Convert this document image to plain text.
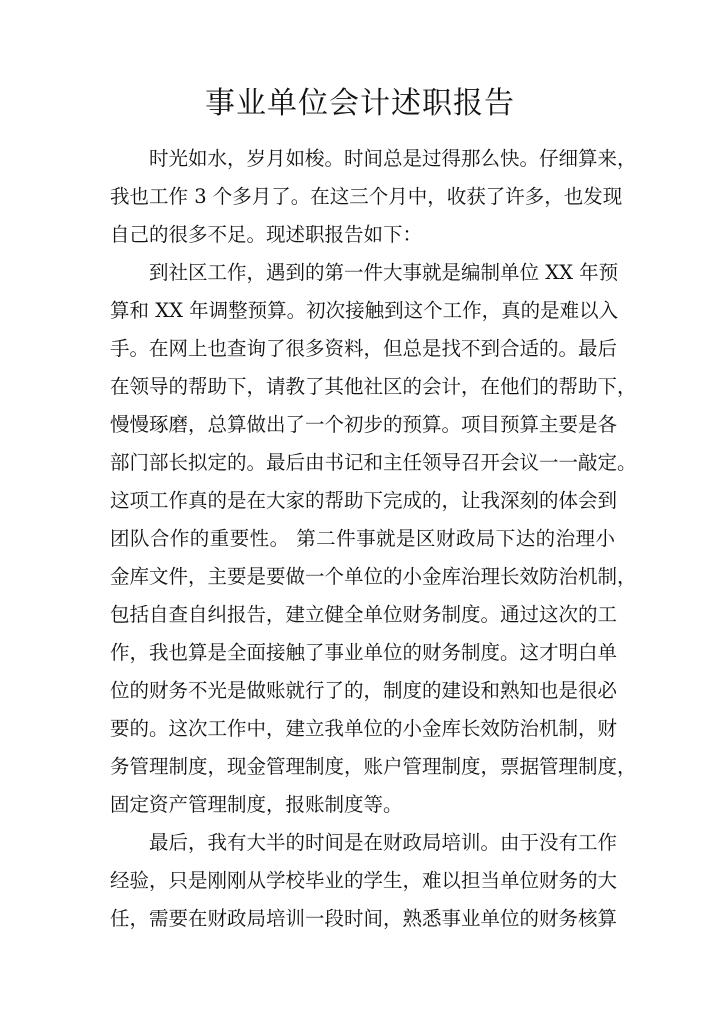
事业单位会计述职报告
时光如水，岁月如梭。时间总是过得那么快。仔细算来，
我也工作 3 个多月了。在这三个月中，收获了许多，也发现
自己的很多不足。现述职报告如下：
到社区工作，遇到的第一件大事就是编制单位 XX 年预
算和 XX 年调整预算。初次接触到这个工作，真的是难以入
手。在网上也查询了很多资料，但总是找不到合适的。最后
在领导的帮助下，请教了其他社区的会计，在他们的帮助下，
慢慢琢磨，总算做出了一个初步的预算。项目预算主要是各
部门部长拟定的。最后由书记和主任领导召开会议一一敲定。
这项工作真的是在大家的帮助下完成的，让我深刻的体会到
团队合作的重要性。 第二件事就是区财政局下达的治理小
金库文件，主要是要做一个单位的小金库治理长效防治机制，
包括自查自纠报告，建立健全单位财务制度。通过这次的工
作，我也算是全面接触了事业单位的财务制度。这才明白单
位的财务不光是做账就行了的，制度的建设和熟知也是很必
要的。这次工作中，建立我单位的小金库长效防治机制，财
务管理制度，现金管理制度，账户管理制度，票据管理制度，
固定资产管理制度，报账制度等。
最后，我有大半的时间是在财政局培训。由于没有工作
经验，只是刚刚从学校毕业的学生，难以担当单位财务的大
任，需要在财政局培训一段时间，熟悉事业单位的财务核算
